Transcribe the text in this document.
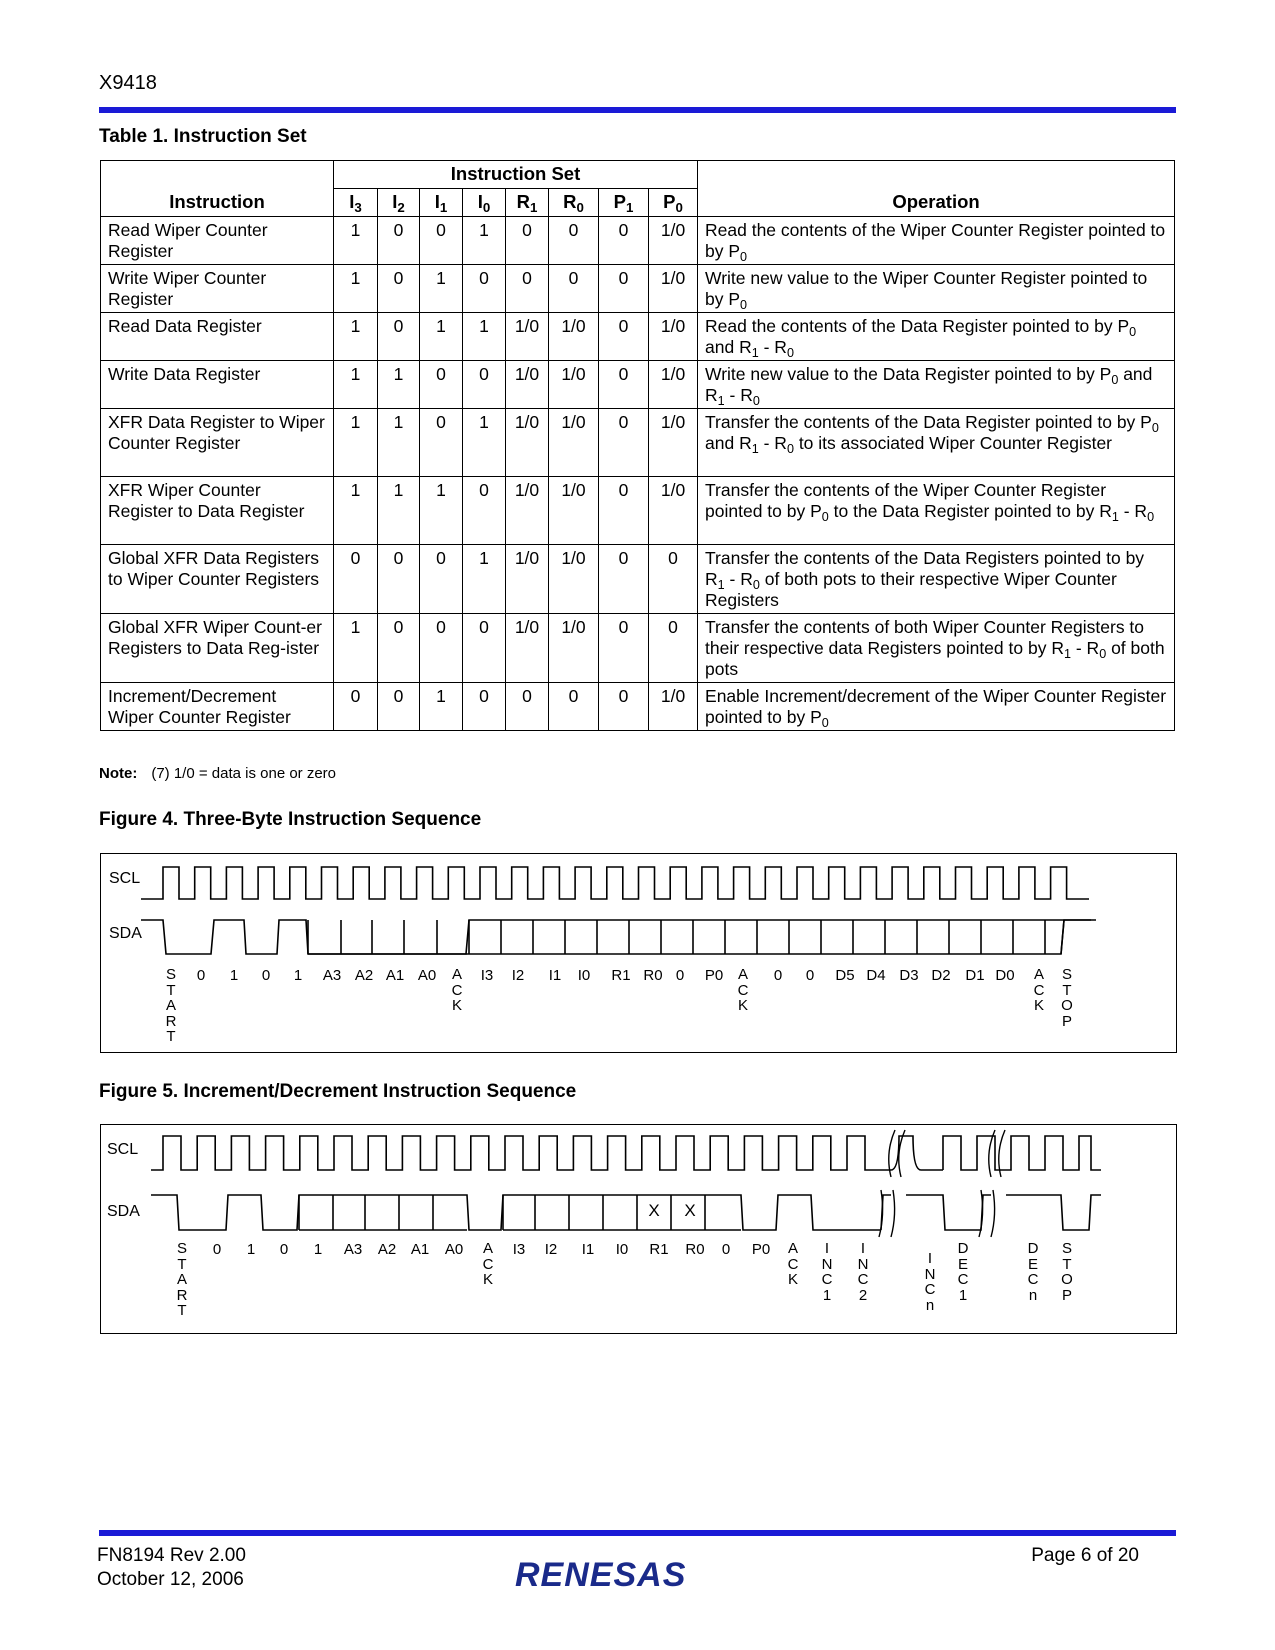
X9418
Table 1. Instruction Set
Instruction	Instruction Set								Operation
	$I_3$	$I_2$	$I_1$	$I_0$	$R_1$	$R_0$	$P_1$	$P_0$
Read Wiper Counter Register	1	0	0	1	0	0	0	1/0	Read the contents of the Wiper Counter Register pointed to by $P_0$
Write Wiper Counter Register	1	0	1	0	0	0	0	1/0	Write new value to the Wiper Counter Register pointed to by $P_0$
Read Data Register	1	0	1	1	1/0	1/0	0	1/0	Read the contents of the Data Register pointed to by $P_0$ and $R_1 - R_0$
Write Data Register	1	1	0	0	1/0	1/0	0	1/0	Write new value to the Data Register pointed to by $P_0$ and $R_1 - R_0$
XFR Data Register to Wiper Counter Register	1	1	0	1	1/0	1/0	0	1/0	Transfer the contents of the Data Register pointed to by $P_0$ and $R_1 - R_0$ to its associated Wiper Counter Register
XFR Wiper Counter Register to Data Register	1	1	1	0	1/0	1/0	0	1/0	Transfer the contents of the Wiper Counter Register pointed to by $P_0$ to the Data Register pointed to by $R_1 - R_0$
Global XFR Data Registers to Wiper Counter Registers	0	0	0	1	1/0	1/0	0	0	Transfer the contents of the Data Registers pointed to by $R_1 - R_0$ of both pots to their respective Wiper Counter Registers
Global XFR Wiper Count-er Registers to Data Reg-ister	1	0	0	0	1/0	1/0	0	0	Transfer the contents of both Wiper Counter Registers to their respective data Registers pointed to by $R_1 - R_0$ of both pots
Increment/Decrement Wiper Counter Register	0	0	1	0	0	0	0	1/0	Enable Increment/decrement of the Wiper Counter Register pointed to by $P_0$
Note: (7) 1/0 = data is one or zero
Figure 4. Three-Byte Instruction Sequence
SCL
SDA
0 1 0 1 A3 A2 A1 A0	I3 I2 I1 I0 R1 R0 0 P0	0 0 D5 D4 D3 D2 D1 D0
S
T
A
R
T
A
C
K
A
C
K
A
C
K
S
T
O
P
Figure 5. Increment/Decrement Instruction Sequence
SCL
SDA
0 1 0 1 A3 A2 A1 A0	I3 I2 I1 I0 R1 R0 0 P0
X X
S
T
A
R
T
A
C
K
A
C
K
I
N
C
1
I
N
C
2
I
N
C
n
D
E
C
1
D
E
C
n
S
T
O
P
FN8194 Rev 2.00
October 12, 2006	RENESAS
Page 6 of 20
